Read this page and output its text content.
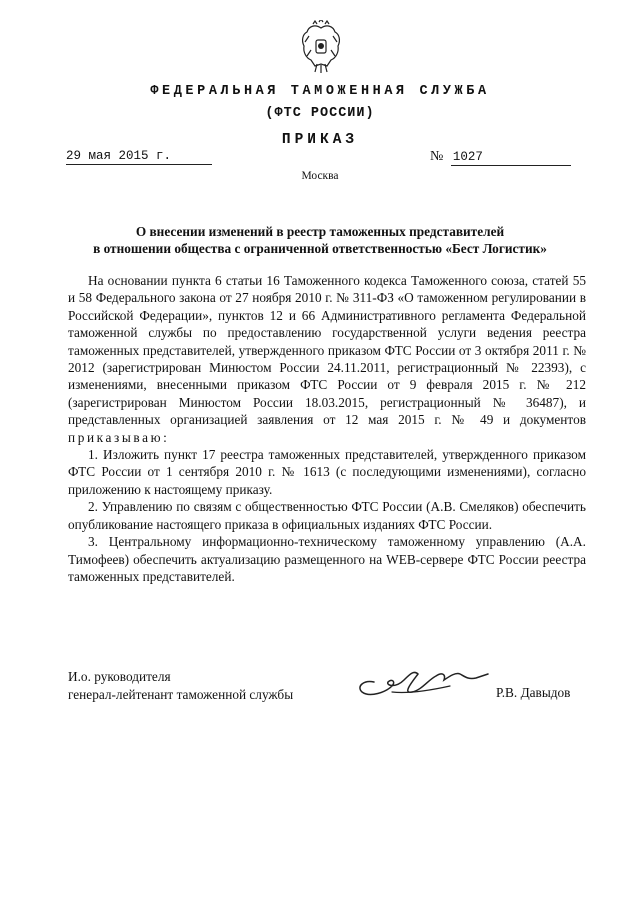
ФЕДЕРАЛЬНАЯ ТАМОЖЕННАЯ СЛУЖБА
(ФТС РОССИИ)
ПРИКАЗ
29 мая 2015 г.	№ 1027
Москва
О внесении изменений в реестр таможенных представителей
в отношении общества с ограниченной ответственностью «Бест Логистик»

На основании пункта 6 статьи 16 Таможенного кодекса Таможенного союза, статей 55 и 58 Федерального закона от 27 ноября 2010 г. № 311-ФЗ «О таможенном регулировании в Российской Федерации», пунктов 12 и 66 Административного регламента Федеральной таможенной службы по предоставлению государственной услуги ведения реестра таможенных представителей, утвержденного приказом ФТС России от 3 октября 2011 г. № 2012 (зарегистрирован Минюстом России 24.11.2011, регистрационный № 22393), с изменениями, внесенными приказом ФТС России от 9 февраля 2015 г. № 212 (зарегистрирован Минюстом России 18.03.2015, регистрационный № 36487), и представленных организацией заявления от 12 мая 2015 г. № 49 и документов приказываю:

1. Изложить пункт 17 реестра таможенных представителей, утвержденного приказом ФТС России от 1 сентября 2010 г. № 1613 (с последующими изменениями), согласно приложению к настоящему приказу.

2. Управлению по связям с общественностью ФТС России (А.В. Смеляков) обеспечить опубликование настоящего приказа в официальных изданиях ФТС России.

3. Центральному информационно-техническому таможенному управлению (А.А. Тимофеев) обеспечить актуализацию размещенного на WEB-сервере ФТС России реестра таможенных представителей.

И.о. руководителя
генерал-лейтенант таможенной службы	Р.В. Давыдов
